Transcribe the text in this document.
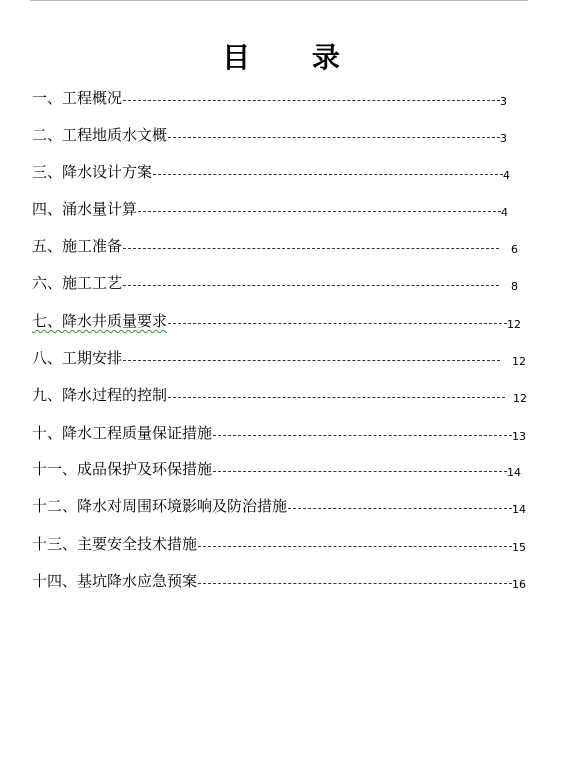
目 录
一、工程概况	3
二、工程地质水文概	3
三、降水设计方案	4
四、涌水量计算	4
五、施工准备	6
六、施工工艺	8
七、降水井质量要求	12
八、工期安排	12
九、降水过程的控制	12
十、降水工程质量保证措施	13
十一、成品保护及环保措施	14
十二、降水对周围环境影响及防治措施	14
十三、主要安全技术措施	15
十四、基坑降水应急预案	16
